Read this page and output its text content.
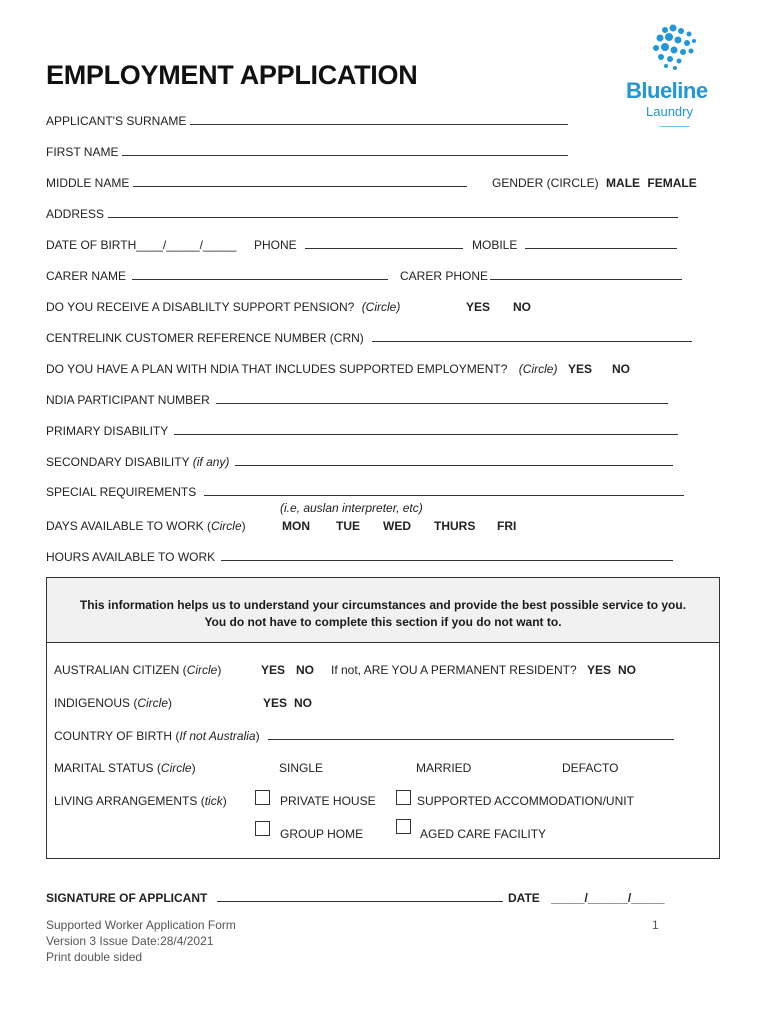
EMPLOYMENT APPLICATION
Blueline
Laundry
APPLICANT'S SURNAME
FIRST NAME
MIDDLE NAME	GENDER (CIRCLE) MALE FEMALE
ADDRESS
DATE OF BIRTH____/_____/_____ PHONE	MOBILE
CARER NAME	CARER PHONE
DO YOU RECEIVE A DISABLILTY SUPPORT PENSION? (Circle)	YES NO
CENTRELINK CUSTOMER REFERENCE NUMBER (CRN)
DO YOU HAVE A PLAN WITH NDIA THAT INCLUDES SUPPORTED EMPLOYMENT? (Circle) YES NO
NDIA PARTICIPANT NUMBER
PRIMARY DISABILITY
SECONDARY DISABILITY (if any)
SPECIAL REQUIREMENTS
(i.e, auslan interpreter, etc)
DAYS AVAILABLE TO WORK (Circle)	MON TUE WED THURS FRI
HOURS AVAILABLE TO WORK
This information helps us to understand your circumstances and provide the best possible service to you.
You do not have to complete this section if you do not want to.
AUSTRALIAN CITIZEN (Circle)	YES NO If not, ARE YOU A PERMANENT RESIDENT? YES NO
INDIGENOUS (Circle)	YES NO
COUNTRY OF BIRTH (If not Australia)
MARITAL STATUS (Circle)	SINGLE	MARRIED	DEFACTO
LIVING ARRANGEMENTS (tick)	PRIVATE HOUSE	SUPPORTED ACCOMMODATION/UNIT
GROUP HOME	AGED CARE FACILITY
SIGNATURE OF APPLICANT	DATE _____/______/_____
Supported Worker Application Form
Version 3 Issue Date:28/4/2021
Print double sided
1
